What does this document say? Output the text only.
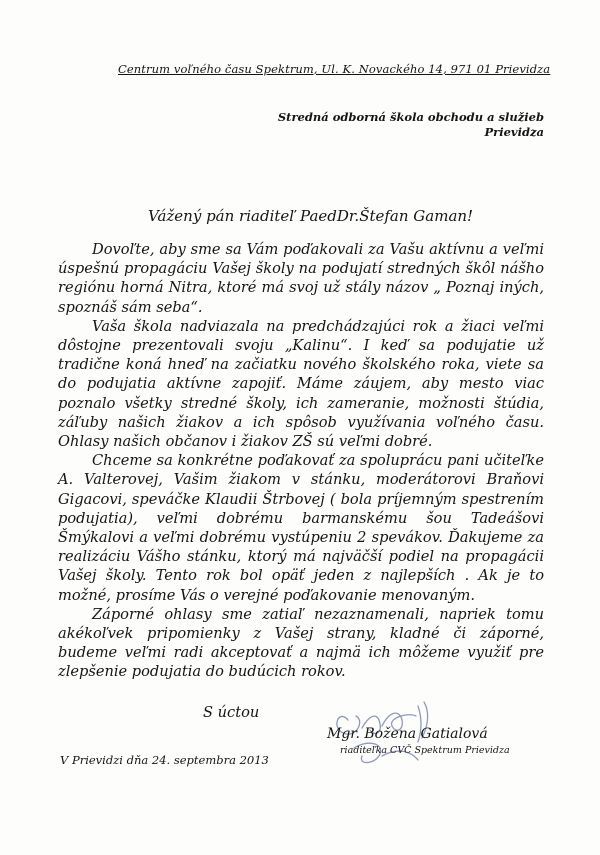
Centrum voľného času Spektrum, Ul. K. Novackého 14, 971 01 Prievidza
Stredná odborná škola obchodu a služieb
Prievidza
Vážený pán riaditeľ PaedDr.Štefan Gaman!

Dovoľte, aby sme sa Vám poďakovali za Vašu aktívnu a veľmi úspešnú propagáciu Vašej školy na podujatí stredných škôl nášho regiónu horná Nitra, ktoré má svoj už stály názov „ Poznaj iných, spoznáš sám seba“.

Vaša škola nadviazala na predchádzajúci rok a žiaci veľmi dôstojne prezentovali svoju „Kalinu“. I keď sa podujatie už tradične koná hneď na začiatku nového školského roka, viete sa do podujatia aktívne zapojiť. Máme záujem, aby mesto viac poznalo všetky stredné školy, ich zameranie, možnosti štúdia, záľuby našich žiakov a ich spôsob využívania voľného času. Ohlasy našich občanov i žiakov ZŠ sú veľmi dobré.

Chceme sa konkrétne poďakovať za spoluprácu pani učiteľke A. Valterovej, Vašim žiakom v stánku, moderátorovi Braňovi Gigacovi, speváčke Klaudii Štrbovej ( bola príjemným spestrením podujatia), veľmi dobrému barmanskému šou Tadeášovi Šmýkalovi a veľmi dobrému vystúpeniu 2 spevákov. Ďakujeme za realizáciu Vášho stánku, ktorý má najväčší podiel na propagácii Vašej školy. Tento rok bol opäť jeden z najlepších . Ak je to možné, prosíme Vás o verejné poďakovanie menovaným.

Záporné ohlasy sme zatiaľ nezaznamenali, napriek tomu akékoľvek pripomienky z Vašej strany, kladné či záporné, budeme veľmi radi akceptovať a najmä ich môžeme využiť pre zlepšenie podujatia do budúcich rokov.

S úctou
Mgr. Božena Gatialová
riaditeľka CVČ Spektrum Prievidza
V Prievidzi dňa 24. septembra 2013
